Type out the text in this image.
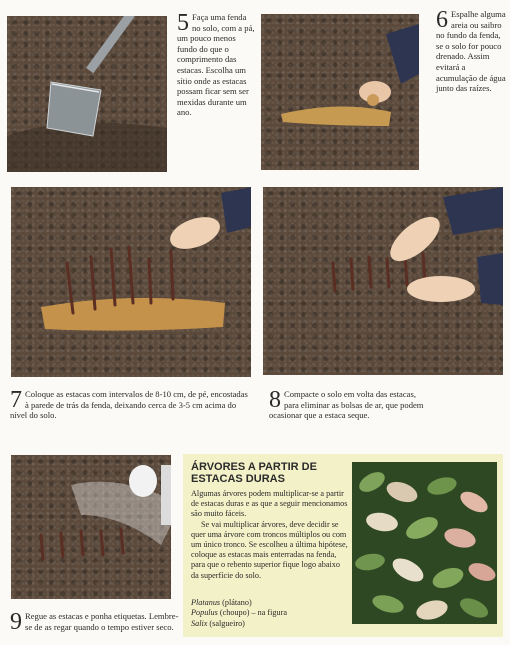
5 Faça uma fenda no solo, com a pá, um pouco menos fundo do que o comprimento das estacas. Escolha um sítio onde as estacas possam ficar sem ser mexidas durante um ano.
6 Espalhe alguma areia ou saibro no fundo da fenda, se o solo for pouco drenado. Assim evitará a acumulação de água junto das raízes.
7 Coloque as estacas com intervalos de 8-10 cm, de pé, encostadas à parede de trás da fenda, deixando cerca de 3-5 cm acima do nível do solo.
8 Compacte o solo em volta das estacas, para eliminar as bolsas de ar, que podem ocasionar que a estaca seque.
9 Regue as estacas e ponha etiquetas. Lembre-se de as regar quando o tempo estiver seco.
ÁRVORES A PARTIR DE ESTACAS DURAS

Algumas árvores podem multiplicar-se a partir de estacas duras e as que a seguir mencionamos são muito fáceis.

Se vai multiplicar árvores, deve decidir se quer uma árvore com troncos múltiplos ou com um único tronco. Se escolheu a última hipótese, coloque as estacas mais enterradas na fenda, para que o rebento superior fique logo abaixo da superfície do solo.

Platanus (plátano)
Populus (choupo) – na figura
Salix (salgueiro)
